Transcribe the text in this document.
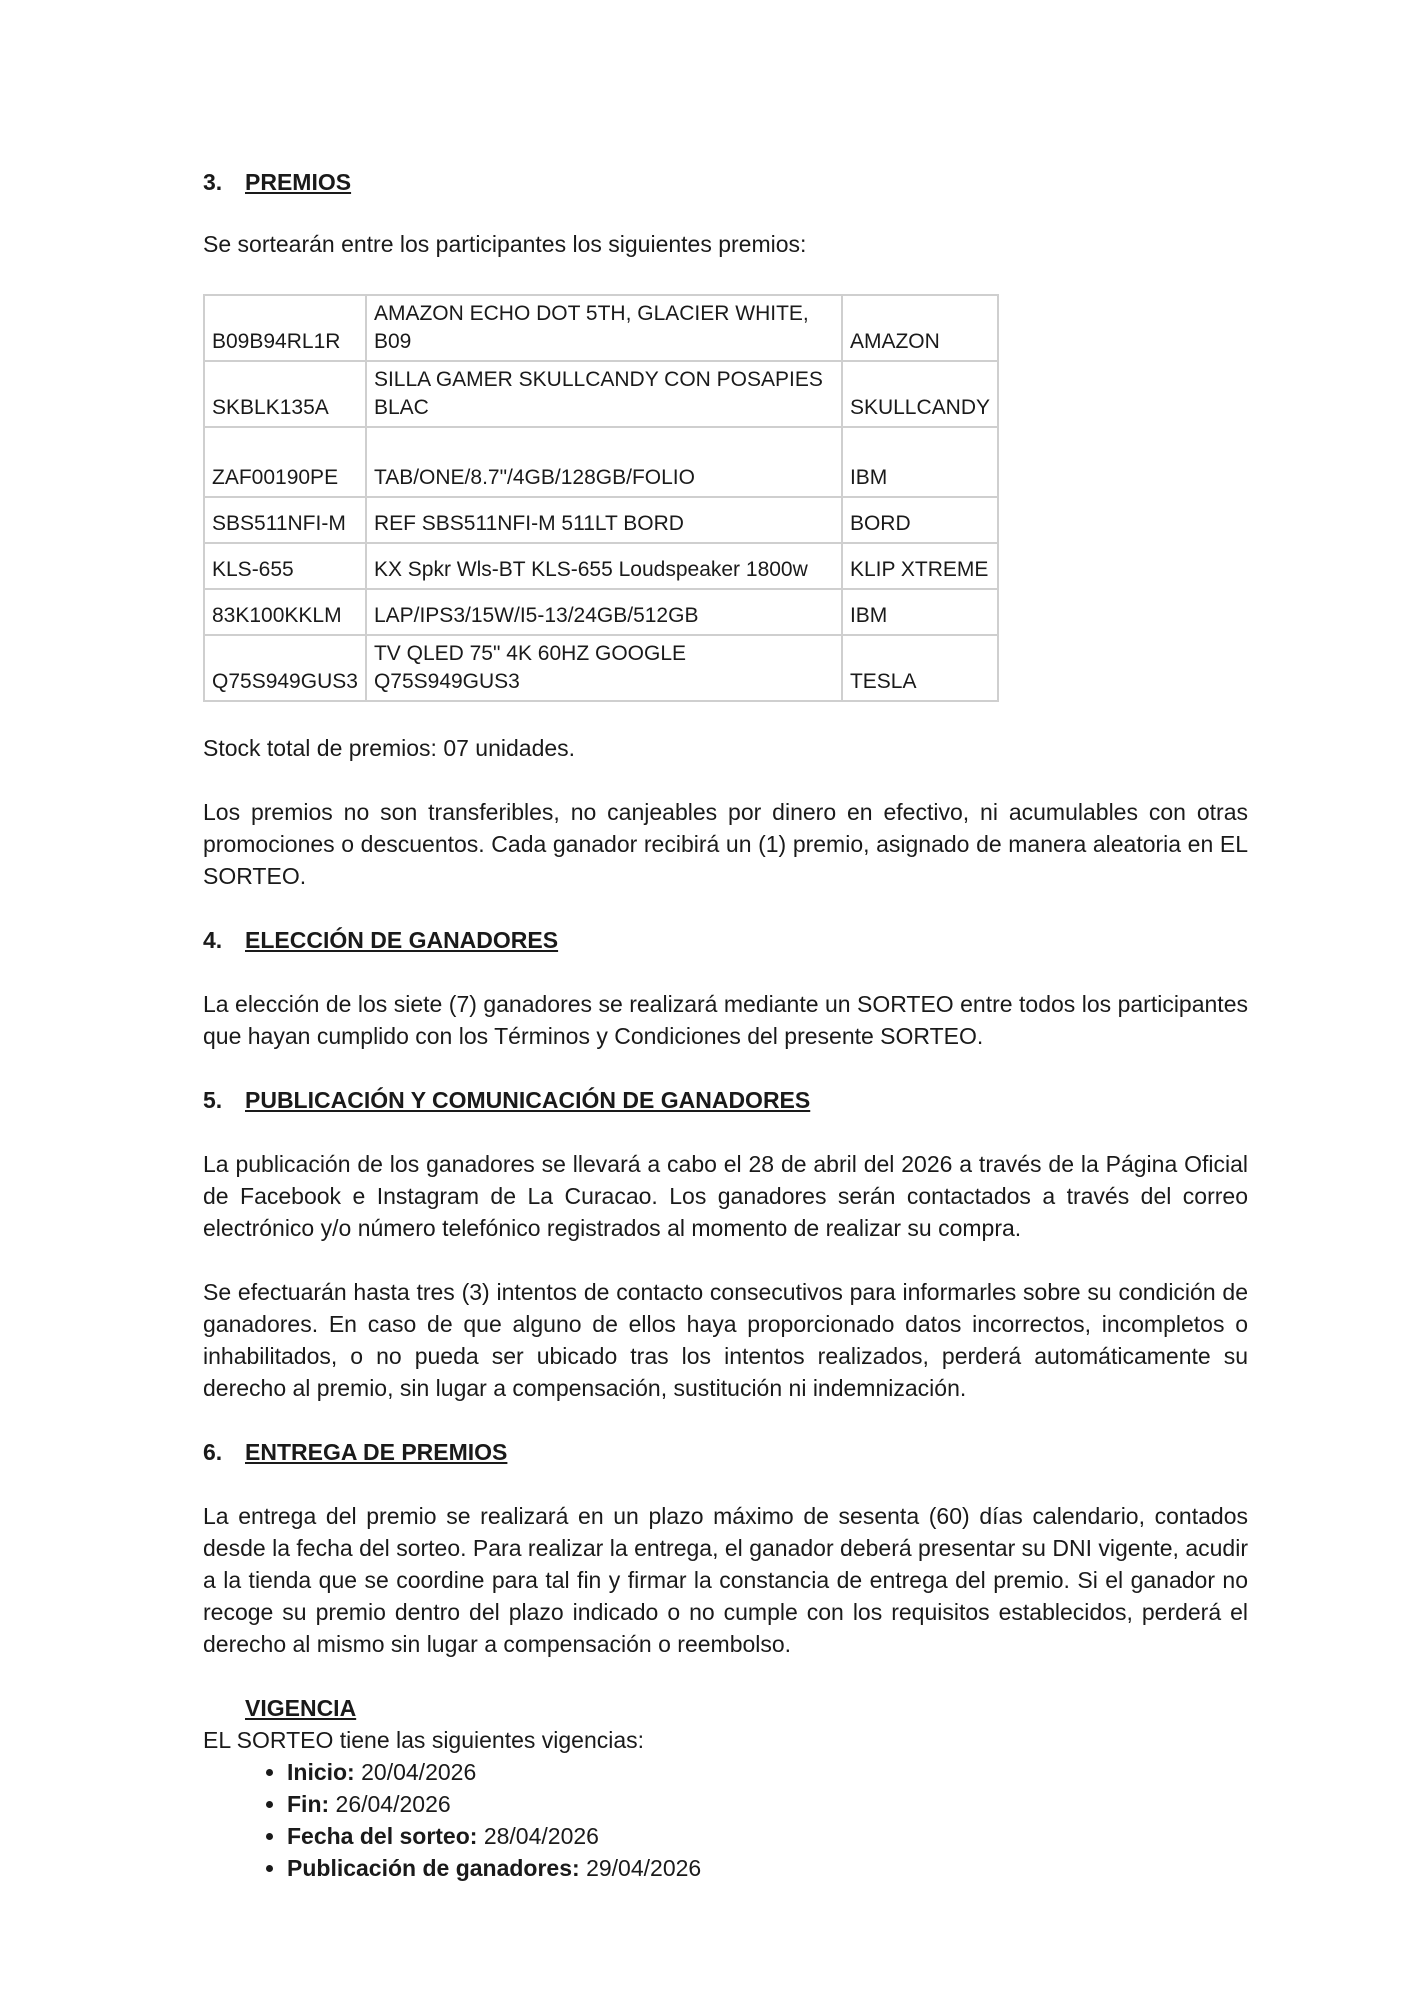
3. PREMIOS

Se sortearán entre los participantes los siguientes premios:

B09B94RL1R	AMAZON ECHO DOT 5TH, GLACIER WHITE, B09	AMAZON
SKBLK135A	SILLA GAMER SKULLCANDY CON POSAPIES BLAC	SKULLCANDY
ZAF00190PE	TAB/ONE/8.7"/4GB/128GB/FOLIO	IBM
SBS511NFI-M	REF SBS511NFI-M 511LT BORD	BORD
KLS-655	KX Spkr Wls-BT KLS-655 Loudspeaker 1800w	KLIP XTREME
83K100KKLM	LAP/IPS3/15W/I5-13/24GB/512GB	IBM
Q75S949GUS3	TV QLED 75" 4K 60HZ GOOGLE Q75S949GUS3	TESLA

Stock total de premios: 07 unidades.

Los premios no son transferibles, no canjeables por dinero en efectivo, ni acumulables con otras promociones o descuentos. Cada ganador recibirá un (1) premio, asignado de manera aleatoria en EL SORTEO.

4. ELECCIÓN DE GANADORES

La elección de los siete (7) ganadores se realizará mediante un SORTEO entre todos los participantes que hayan cumplido con los Términos y Condiciones del presente SORTEO.

5. PUBLICACIÓN Y COMUNICACIÓN DE GANADORES

La publicación de los ganadores se llevará a cabo el 28 de abril del 2026 a través de la Página Oficial de Facebook e Instagram de La Curacao. Los ganadores serán contactados a través del correo electrónico y/o número telefónico registrados al momento de realizar su compra.

Se efectuarán hasta tres (3) intentos de contacto consecutivos para informarles sobre su condición de ganadores. En caso de que alguno de ellos haya proporcionado datos incorrectos, incompletos o inhabilitados, o no pueda ser ubicado tras los intentos realizados, perderá automáticamente su derecho al premio, sin lugar a compensación, sustitución ni indemnización.

6. ENTREGA DE PREMIOS

La entrega del premio se realizará en un plazo máximo de sesenta (60) días calendario, contados desde la fecha del sorteo. Para realizar la entrega, el ganador deberá presentar su DNI vigente, acudir a la tienda que se coordine para tal fin y firmar la constancia de entrega del premio. Si el ganador no recoge su premio dentro del plazo indicado o no cumple con los requisitos establecidos, perderá el derecho al mismo sin lugar a compensación o reembolso.

VIGENCIA

EL SORTEO tiene las siguientes vigencias:

• Inicio: 20/04/2026
• Fin: 26/04/2026
• Fecha del sorteo: 28/04/2026
• Publicación de ganadores: 29/04/2026
